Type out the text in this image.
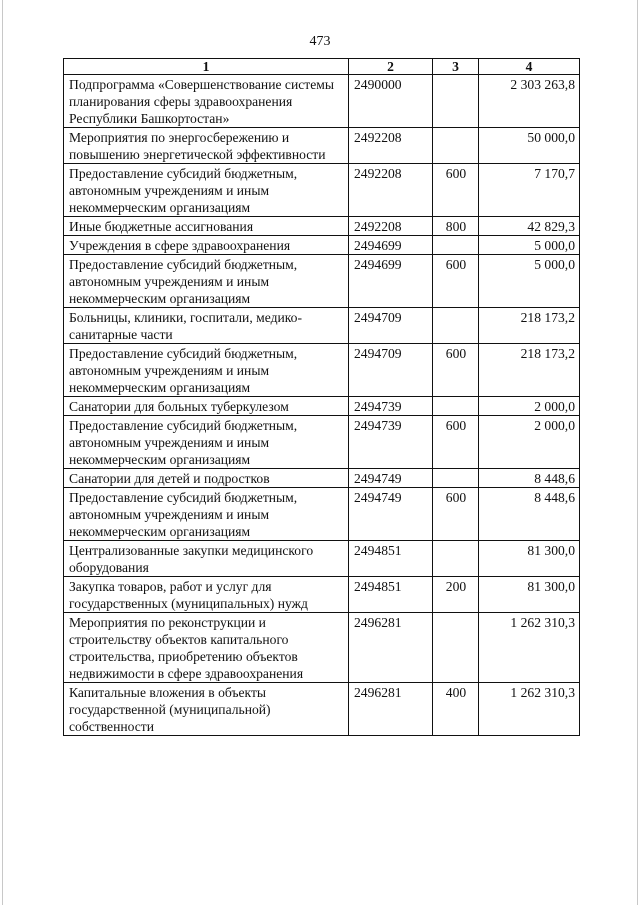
473
1	2	3	4
Подпрограмма «Совершенствование системы планирования сферы здравоохранения Республики Башкортостан»	2490000		2 303 263,8
Мероприятия по энергосбережению и повышению энергетической эффективности	2492208		50 000,0
Предоставление субсидий бюджетным, автономным учреждениям и иным некоммерческим организациям	2492208	600	7 170,7
Иные бюджетные ассигнования	2492208	800	42 829,3
Учреждения в сфере здравоохранения	2494699		5 000,0
Предоставление субсидий бюджетным, автономным учреждениям и иным некоммерческим организациям	2494699	600	5 000,0
Больницы, клиники, госпитали, медико-санитарные части	2494709		218 173,2
Предоставление субсидий бюджетным, автономным учреждениям и иным некоммерческим организациям	2494709	600	218 173,2
Санатории для больных туберкулезом	2494739		2 000,0
Предоставление субсидий бюджетным, автономным учреждениям и иным некоммерческим организациям	2494739	600	2 000,0
Санатории для детей и подростков	2494749		8 448,6
Предоставление субсидий бюджетным, автономным учреждениям и иным некоммерческим организациям	2494749	600	8 448,6
Централизованные закупки медицинского оборудования	2494851		81 300,0
Закупка товаров, работ и услуг для государственных (муниципальных) нужд	2494851	200	81 300,0
Мероприятия по реконструкции и строительству объектов капитального строительства, приобретению объектов недвижимости в сфере здравоохранения	2496281		1 262 310,3
Капитальные вложения в объекты государственной (муниципальной) собственности	2496281	400	1 262 310,3
